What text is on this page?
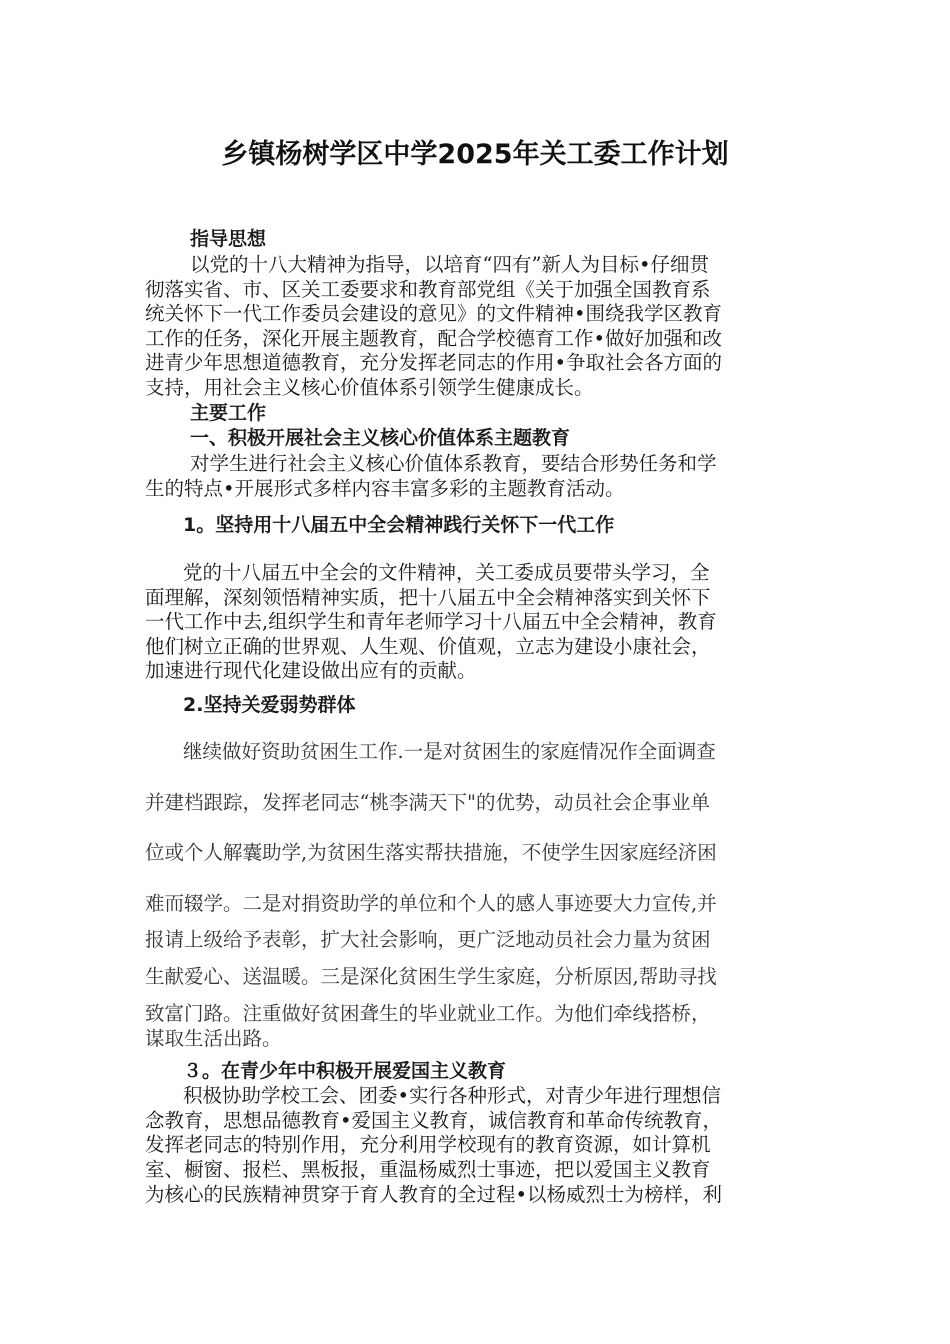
乡镇杨树学区中学2025年关工委工作计划
指导思想
以党的十八大精神为指导，以培育“四有”新人为目标•仔细贯
彻落实省、市、区关工委要求和教育部党组《关于加强全国教育系
统关怀下一代工作委员会建设的意见》的文件精神•围绕我学区教育
工作的任务，深化开展主题教育，配合学校德育工作•做好加强和改
进青少年思想道德教育，充分发挥老同志的作用•争取社会各方面的
支持，用社会主义核心价值体系引领学生健康成长。
主要工作
一、积极开展社会主义核心价值体系主题教育
对学生进行社会主义核心价值体系教育，要结合形势任务和学
生的特点•开展形式多样内容丰富多彩的主题教育活动。
1。坚持用十八届五中全会精神践行关怀下一代工作
党的十八届五中全会的文件精神，关工委成员要带头学习，全
面理解，深刻领悟精神实质，把十八届五中全会精神落实到关怀下
一代工作中去,组织学生和青年老师学习十八届五中全会精神，教育
他们树立正确的世界观、人生观、价值观，立志为建设小康社会，
加速进行现代化建设做出应有的贡献。
2.坚持关爱弱势群体
继续做好资助贫困生工作.一是对贫困生的家庭情况作全面调查
并建档跟踪，发挥老同志“桃李满天下"的优势，动员社会企事业单
位或个人解囊助学,为贫困生落实帮扶措施，不使学生因家庭经济困
难而辍学。二是对捐资助学的单位和个人的感人事迹要大力宣传,并
报请上级给予表彰，扩大社会影响，更广泛地动员社会力量为贫困
生献爱心、送温暖。三是深化贫困生学生家庭，分析原因,帮助寻找
致富门路。注重做好贫困聋生的毕业就业工作。为他们牵线搭桥，
谋取生活出路。
３。在青少年中积极开展爱国主义教育
积极协助学校工会、团委•实行各种形式，对青少年进行理想信
念教育，思想品德教育•爱国主义教育，诚信教育和革命传统教育，
发挥老同志的特别作用，充分利用学校现有的教育资源，如计算机
室、橱窗、报栏、黑板报，重温杨威烈士事迹，把以爱国主义教育
为核心的民族精神贯穿于育人教育的全过程•以杨威烈士为榜样，利
